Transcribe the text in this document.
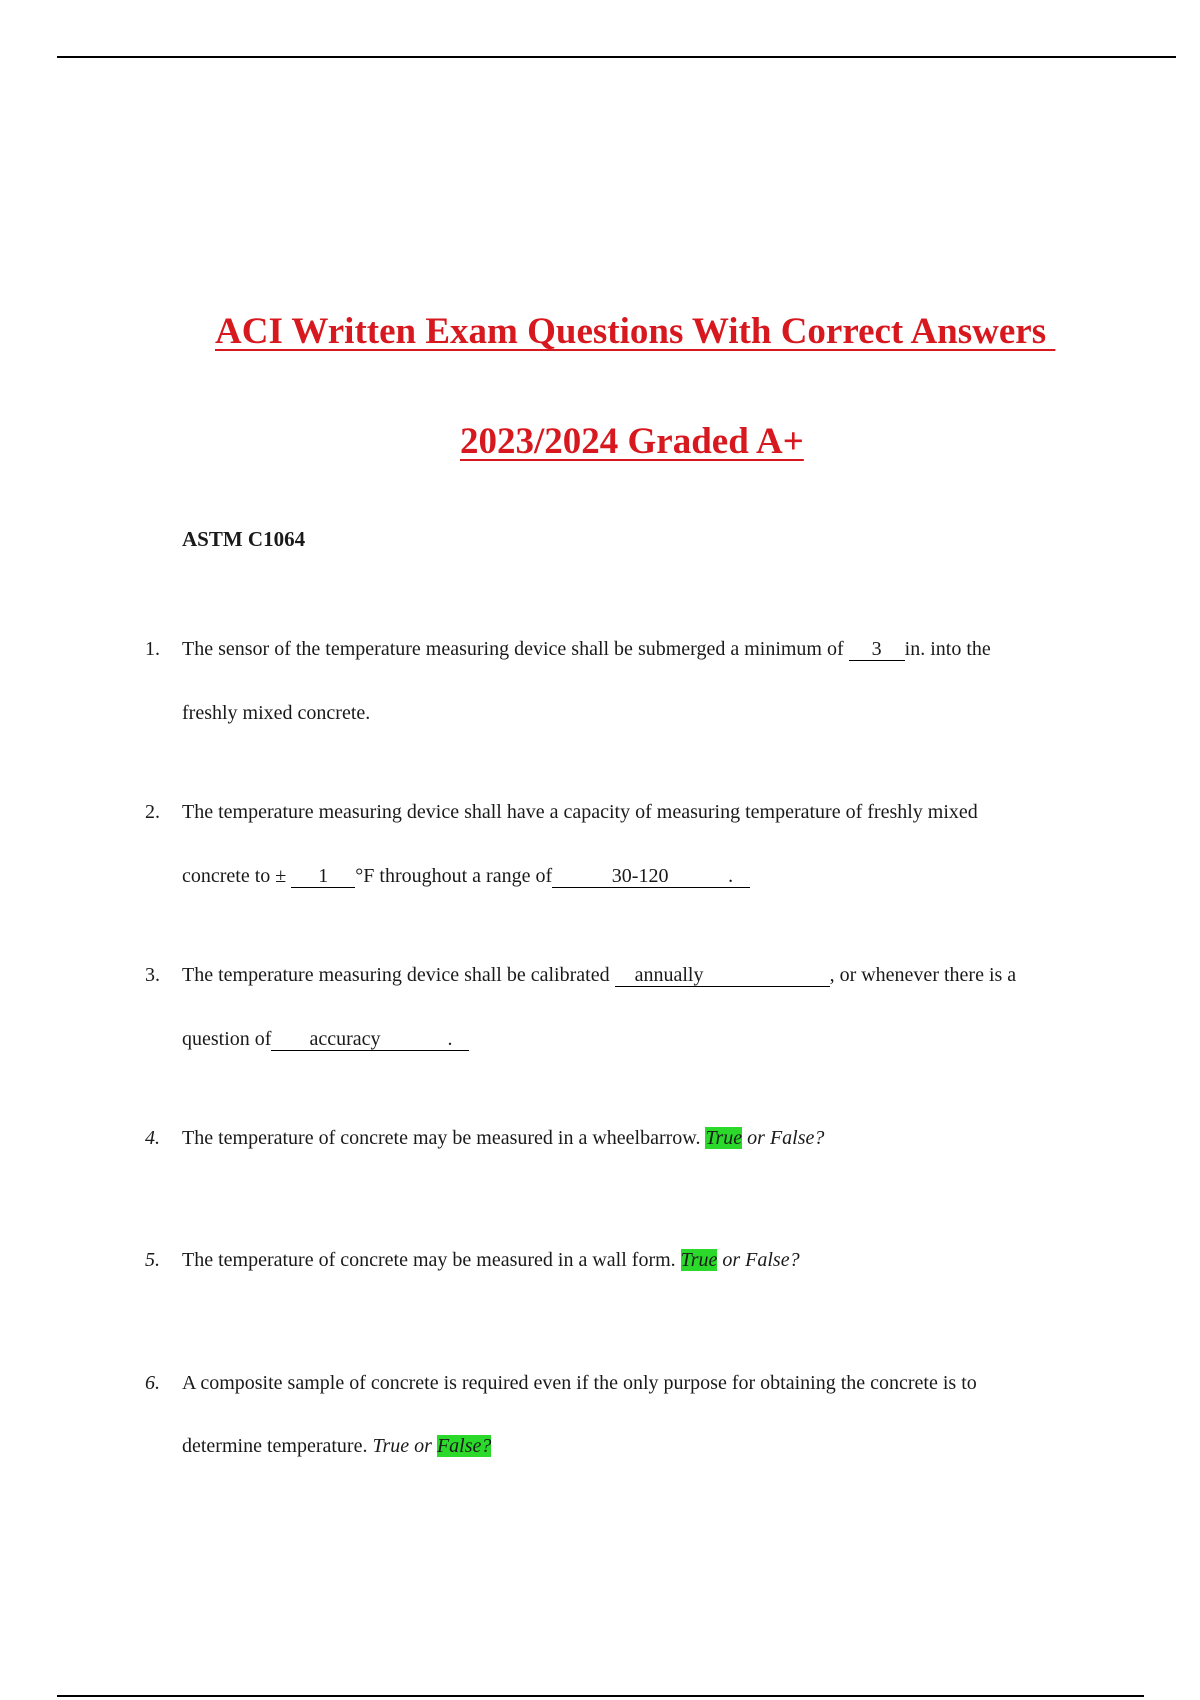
ACI Written Exam Questions With Correct Answers
2023/2024 Graded A+
ASTM C1064
1. The sensor of the temperature measuring device shall be submerged a minimum of 3 in. into the
freshly mixed concrete.
2. The temperature measuring device shall have a capacity of measuring temperature of freshly mixed
concrete to ± 1 °F throughout a range of	30-120	.
3. The temperature measuring device shall be calibrated annually	, or whenever there is a
question of accuracy	.
4. The temperature of concrete may be measured in a wheelbarrow. True or False?
5. The temperature of concrete may be measured in a wall form. True or False?
6. A composite sample of concrete is required even if the only purpose for obtaining the concrete is to
determine temperature. True or False?
